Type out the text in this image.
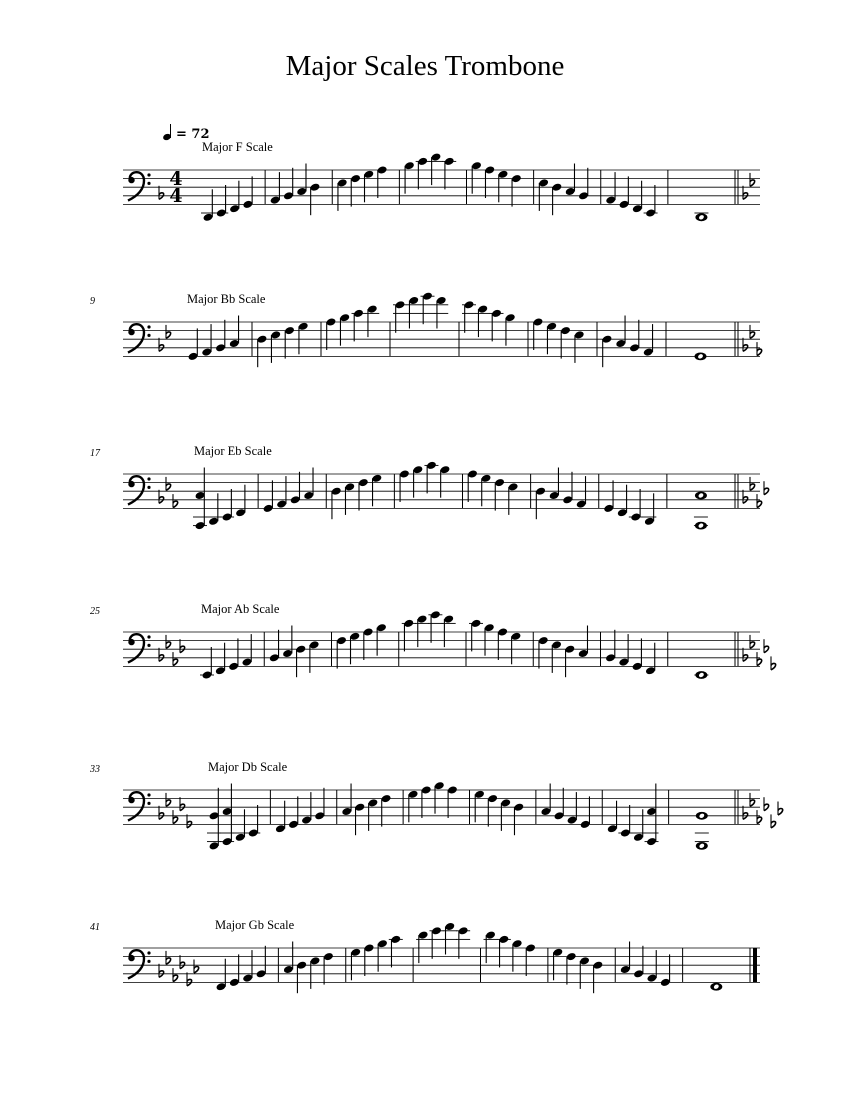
Major Scales Trombone
= 72
4
4
Major F Scale
9	Major Bb Scale
17	Major Eb Scale
25	Major Ab Scale
33	Major Db Scale
41	Major Gb Scale
